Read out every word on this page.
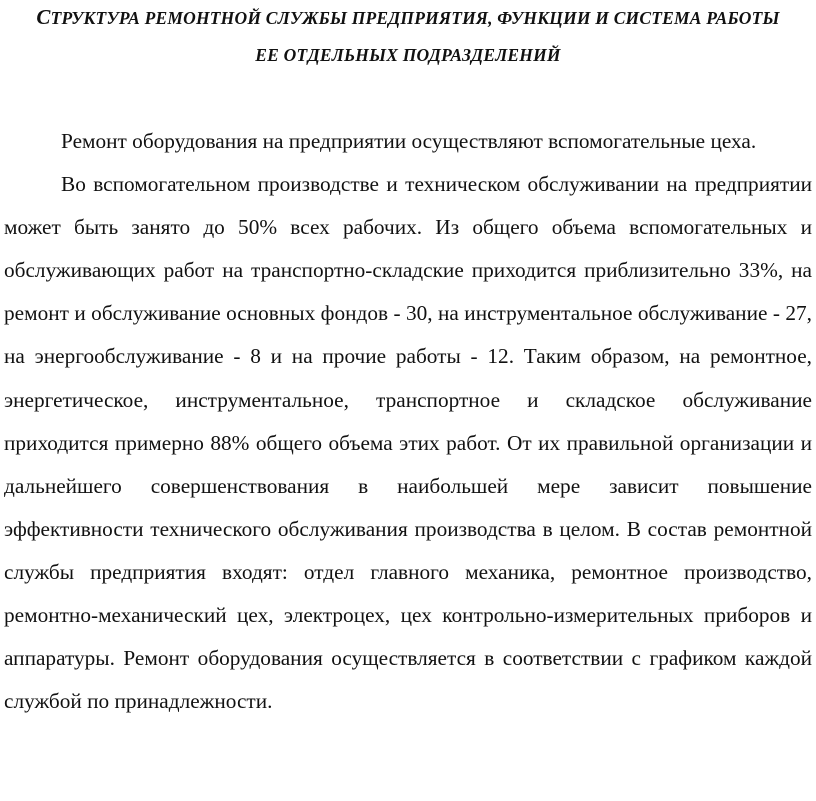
СТРУКТУРА РЕМОНТНОЙ СЛУЖБЫ ПРЕДПРИЯТИЯ, ФУНКЦИИ И СИСТЕМА РАБОТЫ
ЕЕ ОТДЕЛЬНЫХ ПОДРАЗДЕЛЕНИЙ

Ремонт оборудования на предприятии осуществляют вспомогательные цеха.

Во вспомогательном производстве и техническом обслуживании на предприятии может быть занято до 50% всех рабочих. Из общего объема вспомогательных и обслуживающих работ на транспортно-складские приходится приблизительно 33%, на ремонт и обслуживание основных фондов - 30, на инструментальное обслуживание - 27, на энергообслуживание - 8 и на прочие работы - 12. Таким образом, на ремонтное, энергетическое, инструментальное, транспортное и складское обслуживание приходится примерно 88% общего объема этих работ. От их правильной организации и дальнейшего совершенствования в наибольшей мере зависит повышение эффективности технического обслуживания производства в целом. В состав ремонтной службы предприятия входят: отдел главного механика, ремонтное производство, ремонтно-механический цех, электроцех, цех контрольно-измерительных приборов и аппаратуры. Ремонт оборудования осуществляется в соответствии с графиком каждой службой по принадлежности.
